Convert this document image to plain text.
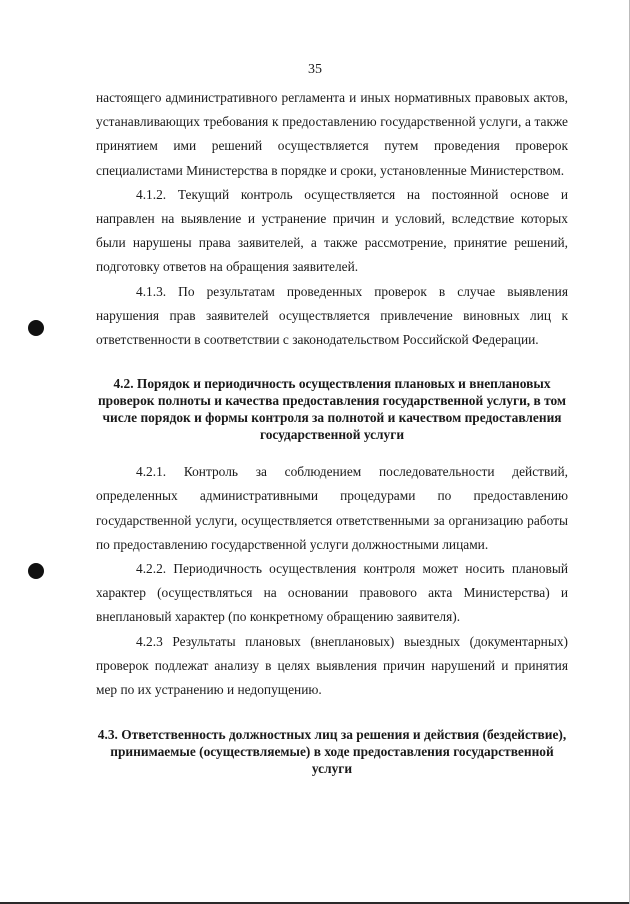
35

настоящего административного регламента и иных нормативных правовых актов, устанавливающих требования к предоставлению государственной услуги, а также принятием ими решений осуществляется путем проведения проверок специалистами Министерства в порядке и сроки, установленные Министерством.

4.1.2. Текущий контроль осуществляется на постоянной основе и направлен на выявление и устранение причин и условий, вследствие которых были нарушены права заявителей, а также рассмотрение, принятие решений, подготовку ответов на обращения заявителей.

4.1.3. По результатам проведенных проверок в случае выявления нарушения прав заявителей осуществляется привлечение виновных лиц к ответственности в соответствии с законодательством Российской Федерации.

4.2. Порядок и периодичность осуществления плановых и внеплановых проверок полноты и качества предоставления государственной услуги, в том числе порядок и формы контроля за полнотой и качеством предоставления государственной услуги

4.2.1. Контроль за соблюдением последовательности действий, определенных административными процедурами по предоставлению государственной услуги, осуществляется ответственными за организацию работы по предоставлению государственной услуги должностными лицами.

4.2.2. Периодичность осуществления контроля может носить плановый характер (осуществляться на основании правового акта Министерства) и внеплановый характер (по конкретному обращению заявителя).

4.2.3 Результаты плановых (внеплановых) выездных (документарных) проверок подлежат анализу в целях выявления причин нарушений и принятия мер по их устранению и недопущению.

4.3. Ответственность должностных лиц за решения и действия (бездействие), принимаемые (осуществляемые) в ходе предоставления государственной услуги
